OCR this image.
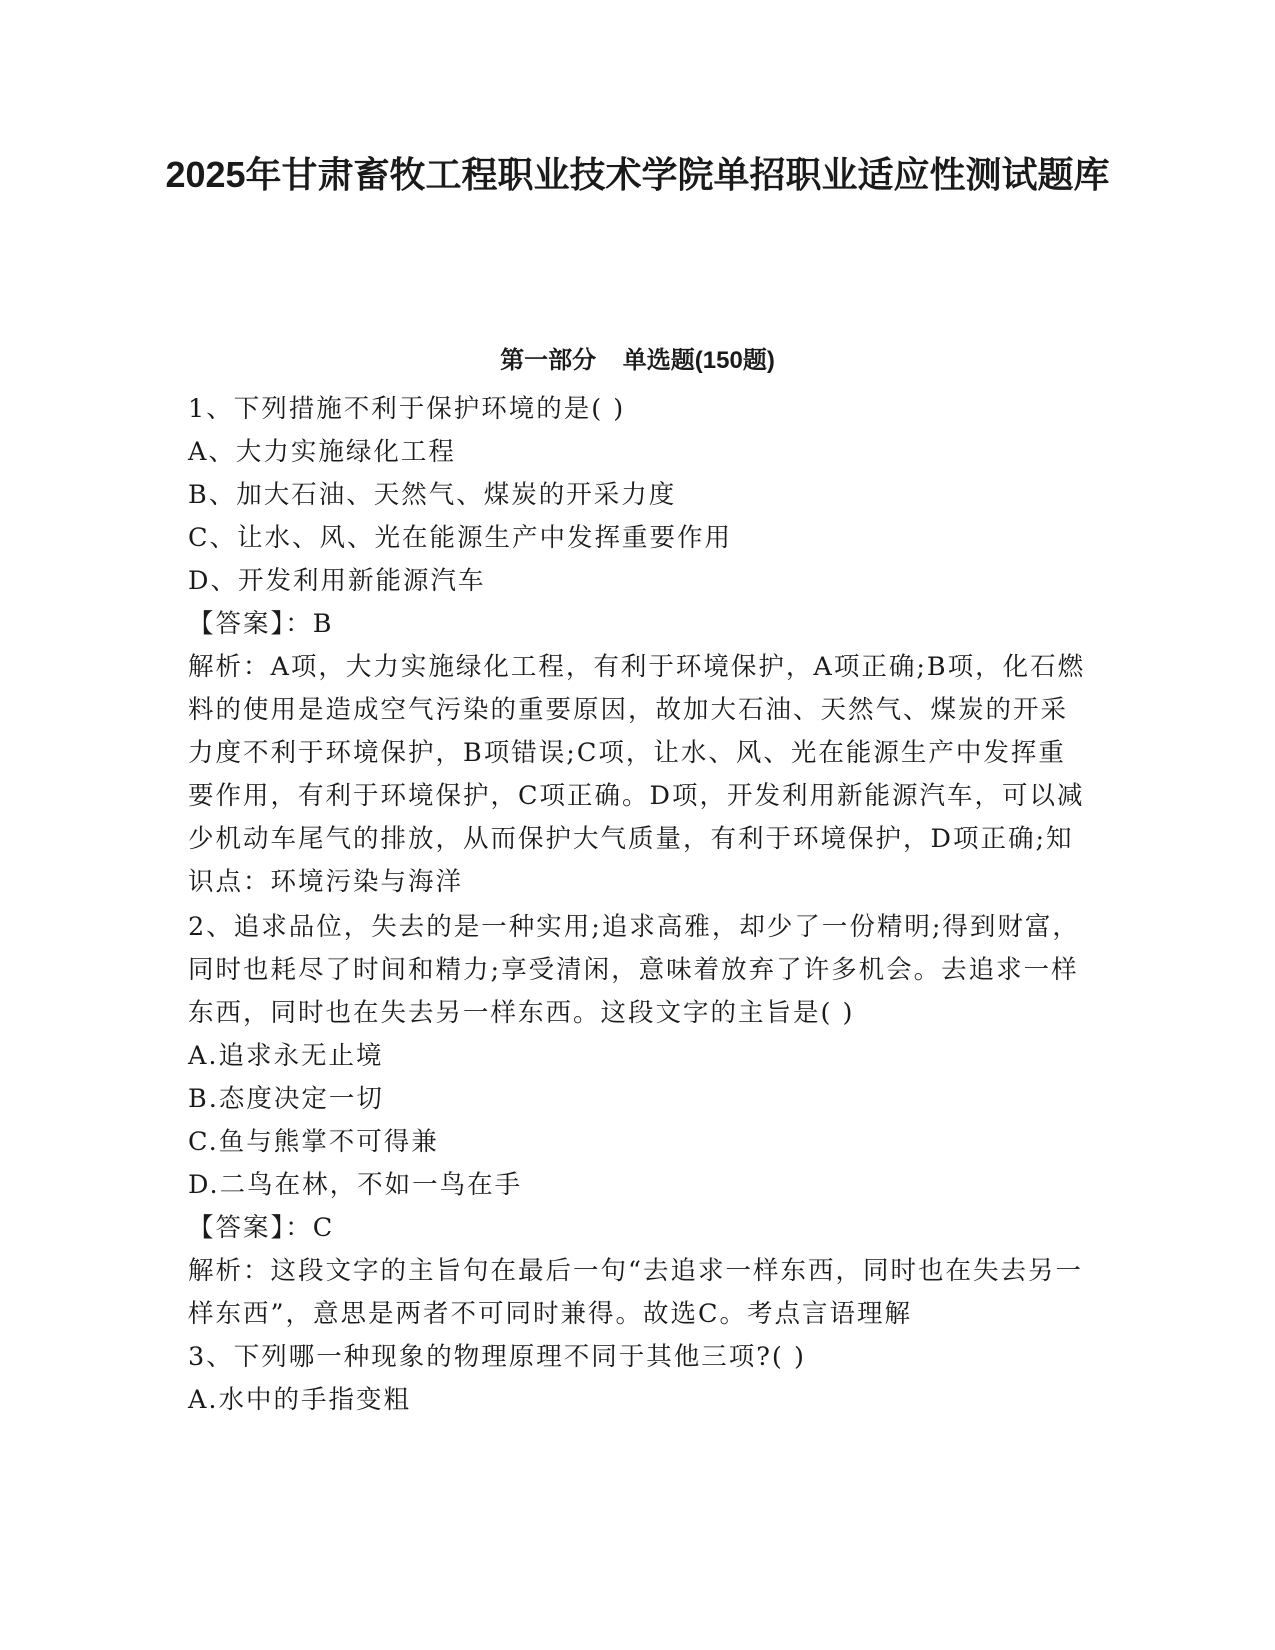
2025年甘肃畜牧工程职业技术学院单招职业适应性测试题库
第一部分    单选题(150题)
1、下列措施不利于保护环境的是( )
A、大力实施绿化工程
B、加大石油、天然气、煤炭的开采力度
C、让水、风、光在能源生产中发挥重要作用
D、开发利用新能源汽车
【答案】：B
解析：A项，大力实施绿化工程，有利于环境保护，A项正确;B项，化石燃料的使用是造成空气污染的重要原因，故加大石油、天然气、煤炭的开采力度不利于环境保护，B项错误;C项，让水、风、光在能源生产中发挥重要作用，有利于环境保护，C项正确。D项，开发利用新能源汽车，可以减少机动车尾气的排放，从而保护大气质量，有利于环境保护，D项正确;知识点：环境污染与海洋
2、追求品位，失去的是一种实用;追求高雅，却少了一份精明;得到财富，同时也耗尽了时间和精力;享受清闲，意味着放弃了许多机会。去追求一样东西，同时也在失去另一样东西。这段文字的主旨是( )
A.追求永无止境
B.态度决定一切
C.鱼与熊掌不可得兼
D.二鸟在林，不如一鸟在手
【答案】：C
解析：这段文字的主旨句在最后一句“去追求一样东西，同时也在失去另一样东西”，意思是两者不可同时兼得。故选C。考点言语理解
3、下列哪一种现象的物理原理不同于其他三项?( )
A.水中的手指变粗
